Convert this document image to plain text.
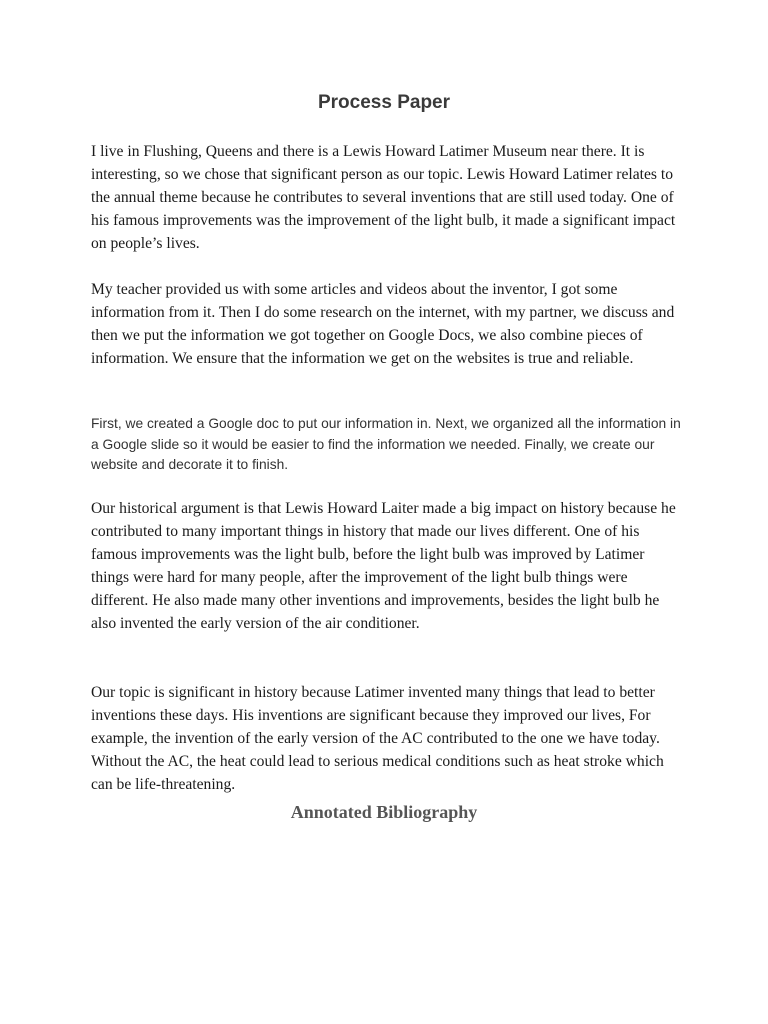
Process Paper

I live in Flushing, Queens and there is a Lewis Howard Latimer Museum near there. It is interesting, so we chose that significant person as our topic. Lewis Howard Latimer relates to the annual theme because he contributes to several inventions that are still used today. One of his famous improvements was the improvement of the light bulb, it made a significant impact on people’s lives.

My teacher provided us with some articles and videos about the inventor, I got some information from it. Then I do some research on the internet, with my partner, we discuss and then we put the information we got together on Google Docs, we also combine pieces of information. We ensure that the information we get on the websites is true and reliable.

First, we created a Google doc to put our information in. Next, we organized all the information in a Google slide so it would be easier to find the information we needed. Finally, we create our website and decorate it to finish.

Our historical argument is that Lewis Howard Laiter made a big impact on history because he contributed to many important things in history that made our lives different. One of his famous improvements was the light bulb, before the light bulb was improved by Latimer things were hard for many people, after the improvement of the light bulb things were different. He also made many other inventions and improvements, besides the light bulb he also invented the early version of the air conditioner.

Our topic is significant in history because Latimer invented many things that lead to better inventions these days. His inventions are significant because they improved our lives, For example, the invention of the early version of the AC contributed to the one we have today. Without the AC, the heat could lead to serious medical conditions such as heat stroke which can be life-threatening.

Annotated Bibliography
